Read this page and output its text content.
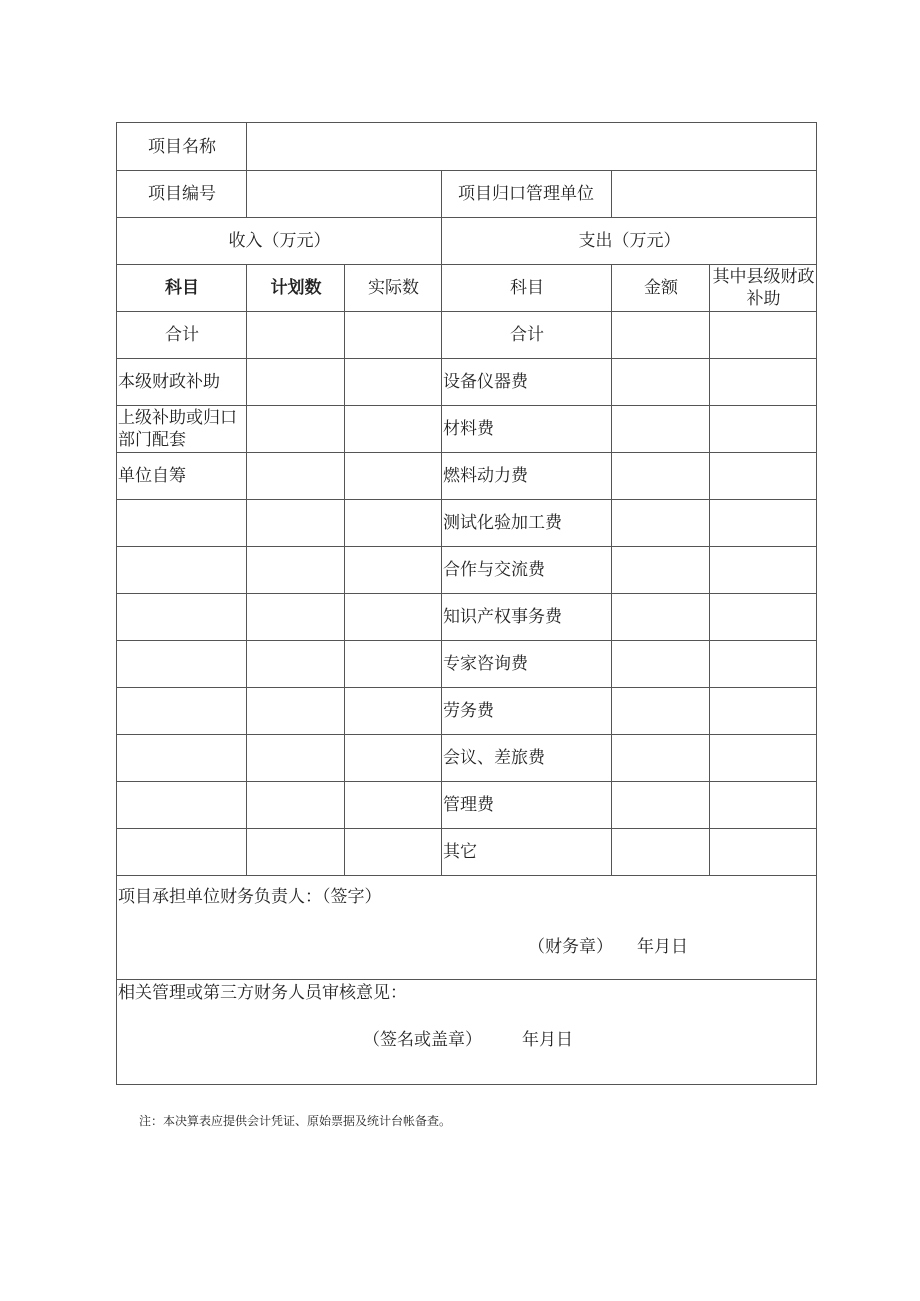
项目名称					
项目编号			项目归口管理单位		
收入（万元）			支出（万元）		
科目	计划数	实际数	科目	金额	其中县级财政补助
合计			合计		
本级财政补助			设备仪器费		
上级补助或归口部门配套			材料费		
单位自筹			燃料动力费		
			测试化验加工费		
			合作与交流费		
			知识产权事务费		
			专家咨询费		
			劳务费		
			会议、差旅费		
			管理费		
			其它		

项目承担单位财务负责人：（签字）
（财务章） 年月日					

相关管理或第三方财务人员审核意见：
（签名或盖章） 年月日					
注：本决算表应提供会计凭证、原始票据及统计台帐备查。
